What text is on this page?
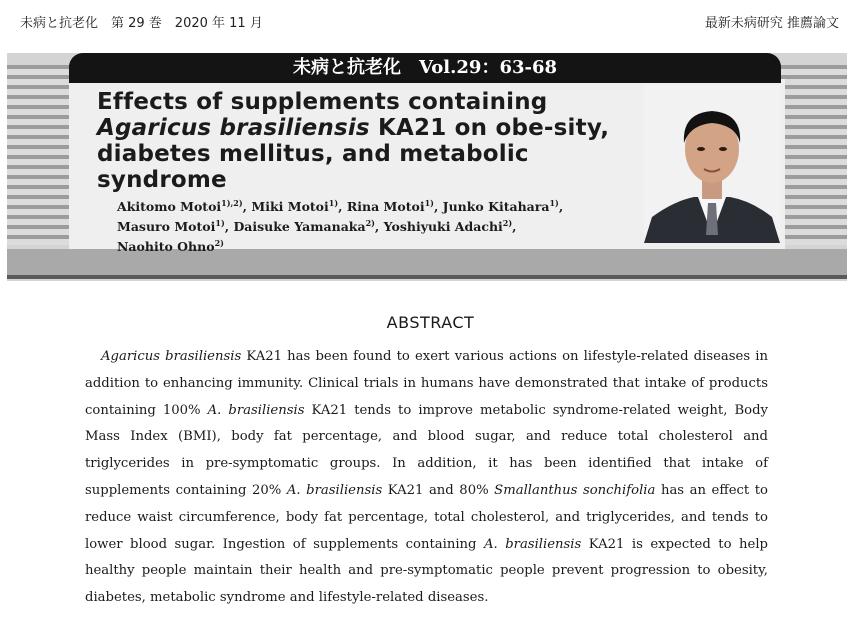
未病と抗老化　第 29 巻　2020 年 11 月	最新未病研究 推薦論文
未病と抗老化　Vol.29：63-68
Effects of supplements containing
Agaricus brasiliensis KA21 on obe-sity, diabetes mellitus, and metabolic syndrome
Akitomo Motoi$^{1),2)}$, Miki Motoi$^{1)}$, Rina Motoi$^{1)}$, Junko Kitahara$^{1)}$,
Masuro Motoi$^{1)}$, Daisuke Yamanaka$^{2)}$, Yoshiyuki Adachi$^{2)}$,
Naohito Ohno$^{2)}$
ABSTRACT

Agaricus brasiliensis KA21 has been found to exert various actions on lifestyle-related diseases in addition to enhancing immunity. Clinical trials in humans have demonstrated that intake of products containing 100% A. brasiliensis KA21 tends to improve metabolic syndrome-related weight, Body Mass Index (BMI), body fat percentage, and blood sugar, and reduce total cholesterol and triglycerides in pre-symptomatic groups. In addition, it has been identified that intake of supplements containing 20% A. brasiliensis KA21 and 80% Smallanthus sonchifolia has an effect to reduce waist circumference, body fat percentage, total cholesterol, and triglycerides, and tends to lower blood sugar. Ingestion of supplements containing A. brasiliensis KA21 is expected to help healthy people maintain their health and pre-symptomatic people prevent progression to obesity, diabetes, metabolic syndrome and lifestyle-related diseases.
